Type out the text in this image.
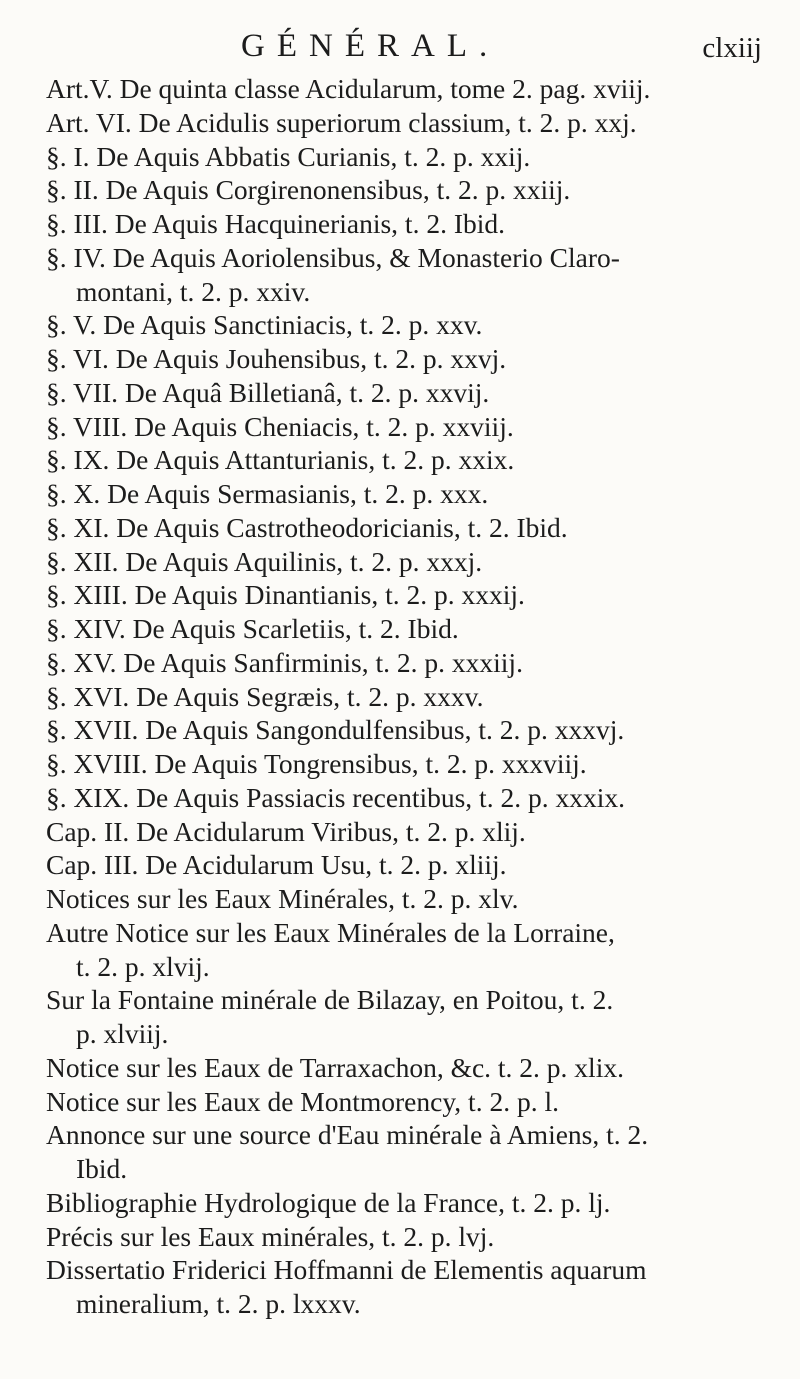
GÉNÉRAL.	clxiij
Art.V. De quinta classe Acidularum, tome 2. pag. xviij.
Art. VI. De Acidulis superiorum classium, t. 2. p. xxj.
§. I. De Aquis Abbatis Curianis, t. 2. p. xxij.
§. II. De Aquis Corgirenonensibus, t. 2. p. xxiij.
§. III. De Aquis Hacquinerianis, t. 2. Ibid.
§. IV. De Aquis Aoriolensibus, & Monasterio Claro-
montani, t. 2. p. xxiv.
§. V. De Aquis Sanctiniacis, t. 2. p. xxv.
§. VI. De Aquis Jouhensibus, t. 2. p. xxvj.
§. VII. De Aquâ Billetianâ, t. 2. p. xxvij.
§. VIII. De Aquis Cheniacis, t. 2. p. xxviij.
§. IX. De Aquis Attanturianis, t. 2. p. xxix.
§. X. De Aquis Sermasianis, t. 2. p. xxx.
§. XI. De Aquis Castrotheodoricianis, t. 2. Ibid.
§. XII. De Aquis Aquilinis, t. 2. p. xxxj.
§. XIII. De Aquis Dinantianis, t. 2. p. xxxij.
§. XIV. De Aquis Scarletiis, t. 2. Ibid.
§. XV. De Aquis Sanfirminis, t. 2. p. xxxiij.
§. XVI. De Aquis Segræis, t. 2. p. xxxv.
§. XVII. De Aquis Sangondulfensibus, t. 2. p. xxxvj.
§. XVIII. De Aquis Tongrensibus, t. 2. p. xxxviij.
§. XIX. De Aquis Passiacis recentibus, t. 2. p. xxxix.
Cap. II. De Acidularum Viribus, t. 2. p. xlij.
Cap. III. De Acidularum Usu, t. 2. p. xliij.
Notices sur les Eaux Minérales, t. 2. p. xlv.
Autre Notice sur les Eaux Minérales de la Lorraine,
t. 2. p. xlvij.
Sur la Fontaine minérale de Bilazay, en Poitou, t. 2.
p. xlviij.
Notice sur les Eaux de Tarraxachon, &c. t. 2. p. xlix.
Notice sur les Eaux de Montmorency, t. 2. p. l.
Annonce sur une source d'Eau minérale à Amiens, t. 2.
Ibid.
Bibliographie Hydrologique de la France, t. 2. p. lj.
Précis sur les Eaux minérales, t. 2. p. lvj.
Dissertatio Friderici Hoffmanni de Elementis aquarum
mineralium, t. 2. p. lxxxv.
